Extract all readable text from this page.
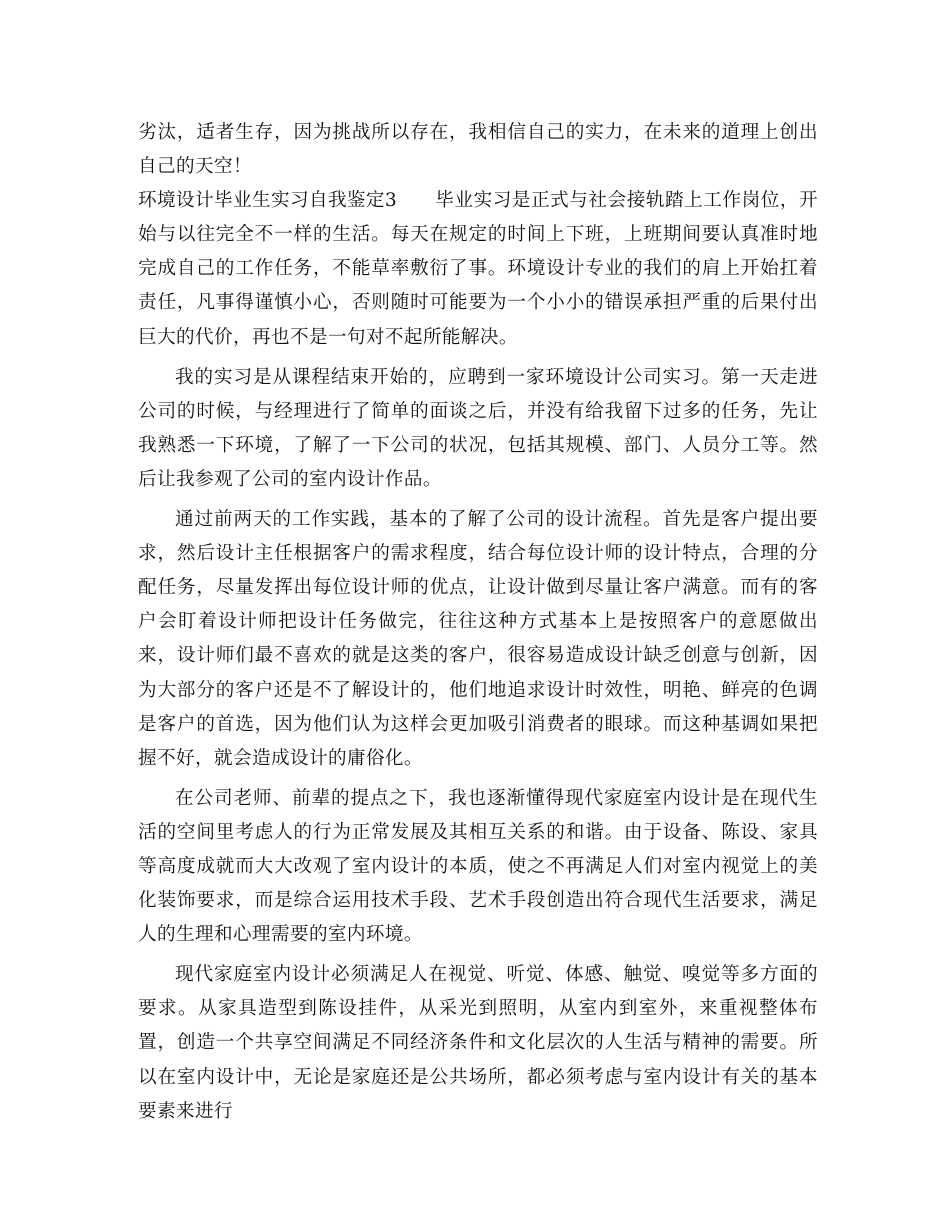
劣汰，适者生存，因为挑战所以存在，我相信自己的实力，在未来的道理上创出自己的天空！

环境设计毕业生实习自我鉴定3 毕业实习是正式与社会接轨踏上工作岗位，开始与以往完全不一样的生活。每天在规定的时间上下班，上班期间要认真准时地完成自己的工作任务，不能草率敷衍了事。环境设计专业的我们的肩上开始扛着责任，凡事得谨慎小心，否则随时可能要为一个小小的错误承担严重的后果付出巨大的代价，再也不是一句对不起所能解决。

我的实习是从课程结束开始的，应聘到一家环境设计公司实习。第一天走进公司的时候，与经理进行了简单的面谈之后，并没有给我留下过多的任务，先让我熟悉一下环境，了解了一下公司的状况，包括其规模、部门、人员分工等。然后让我参观了公司的室内设计作品。

通过前两天的工作实践，基本的了解了公司的设计流程。首先是客户提出要求，然后设计主任根据客户的需求程度，结合每位设计师的设计特点，合理的分配任务，尽量发挥出每位设计师的优点，让设计做到尽量让客户满意。而有的客户会盯着设计师把设计任务做完，往往这种方式基本上是按照客户的意愿做出来，设计师们最不喜欢的就是这类的客户，很容易造成设计缺乏创意与创新，因为大部分的客户还是不了解设计的，他们地追求设计时效性，明艳、鲜亮的色调是客户的首选，因为他们认为这样会更加吸引消费者的眼球。而这种基调如果把握不好，就会造成设计的庸俗化。

在公司老师、前辈的提点之下，我也逐渐懂得现代家庭室内设计是在现代生活的空间里考虑人的行为正常发展及其相互关系的和谐。由于设备、陈设、家具等高度成就而大大改观了室内设计的本质，使之不再满足人们对室内视觉上的美化装饰要求，而是综合运用技术手段、艺术手段创造出符合现代生活要求，满足人的生理和心理需要的室内环境。

现代家庭室内设计必须满足人在视觉、听觉、体感、触觉、嗅觉等多方面的要求。从家具造型到陈设挂件，从采光到照明，从室内到室外，来重视整体布置，创造一个共享空间满足不同经济条件和文化层次的人生活与精神的需要。所以在室内设计中，无论是家庭还是公共场所，都必须考虑与室内设计有关的基本要素来进行
